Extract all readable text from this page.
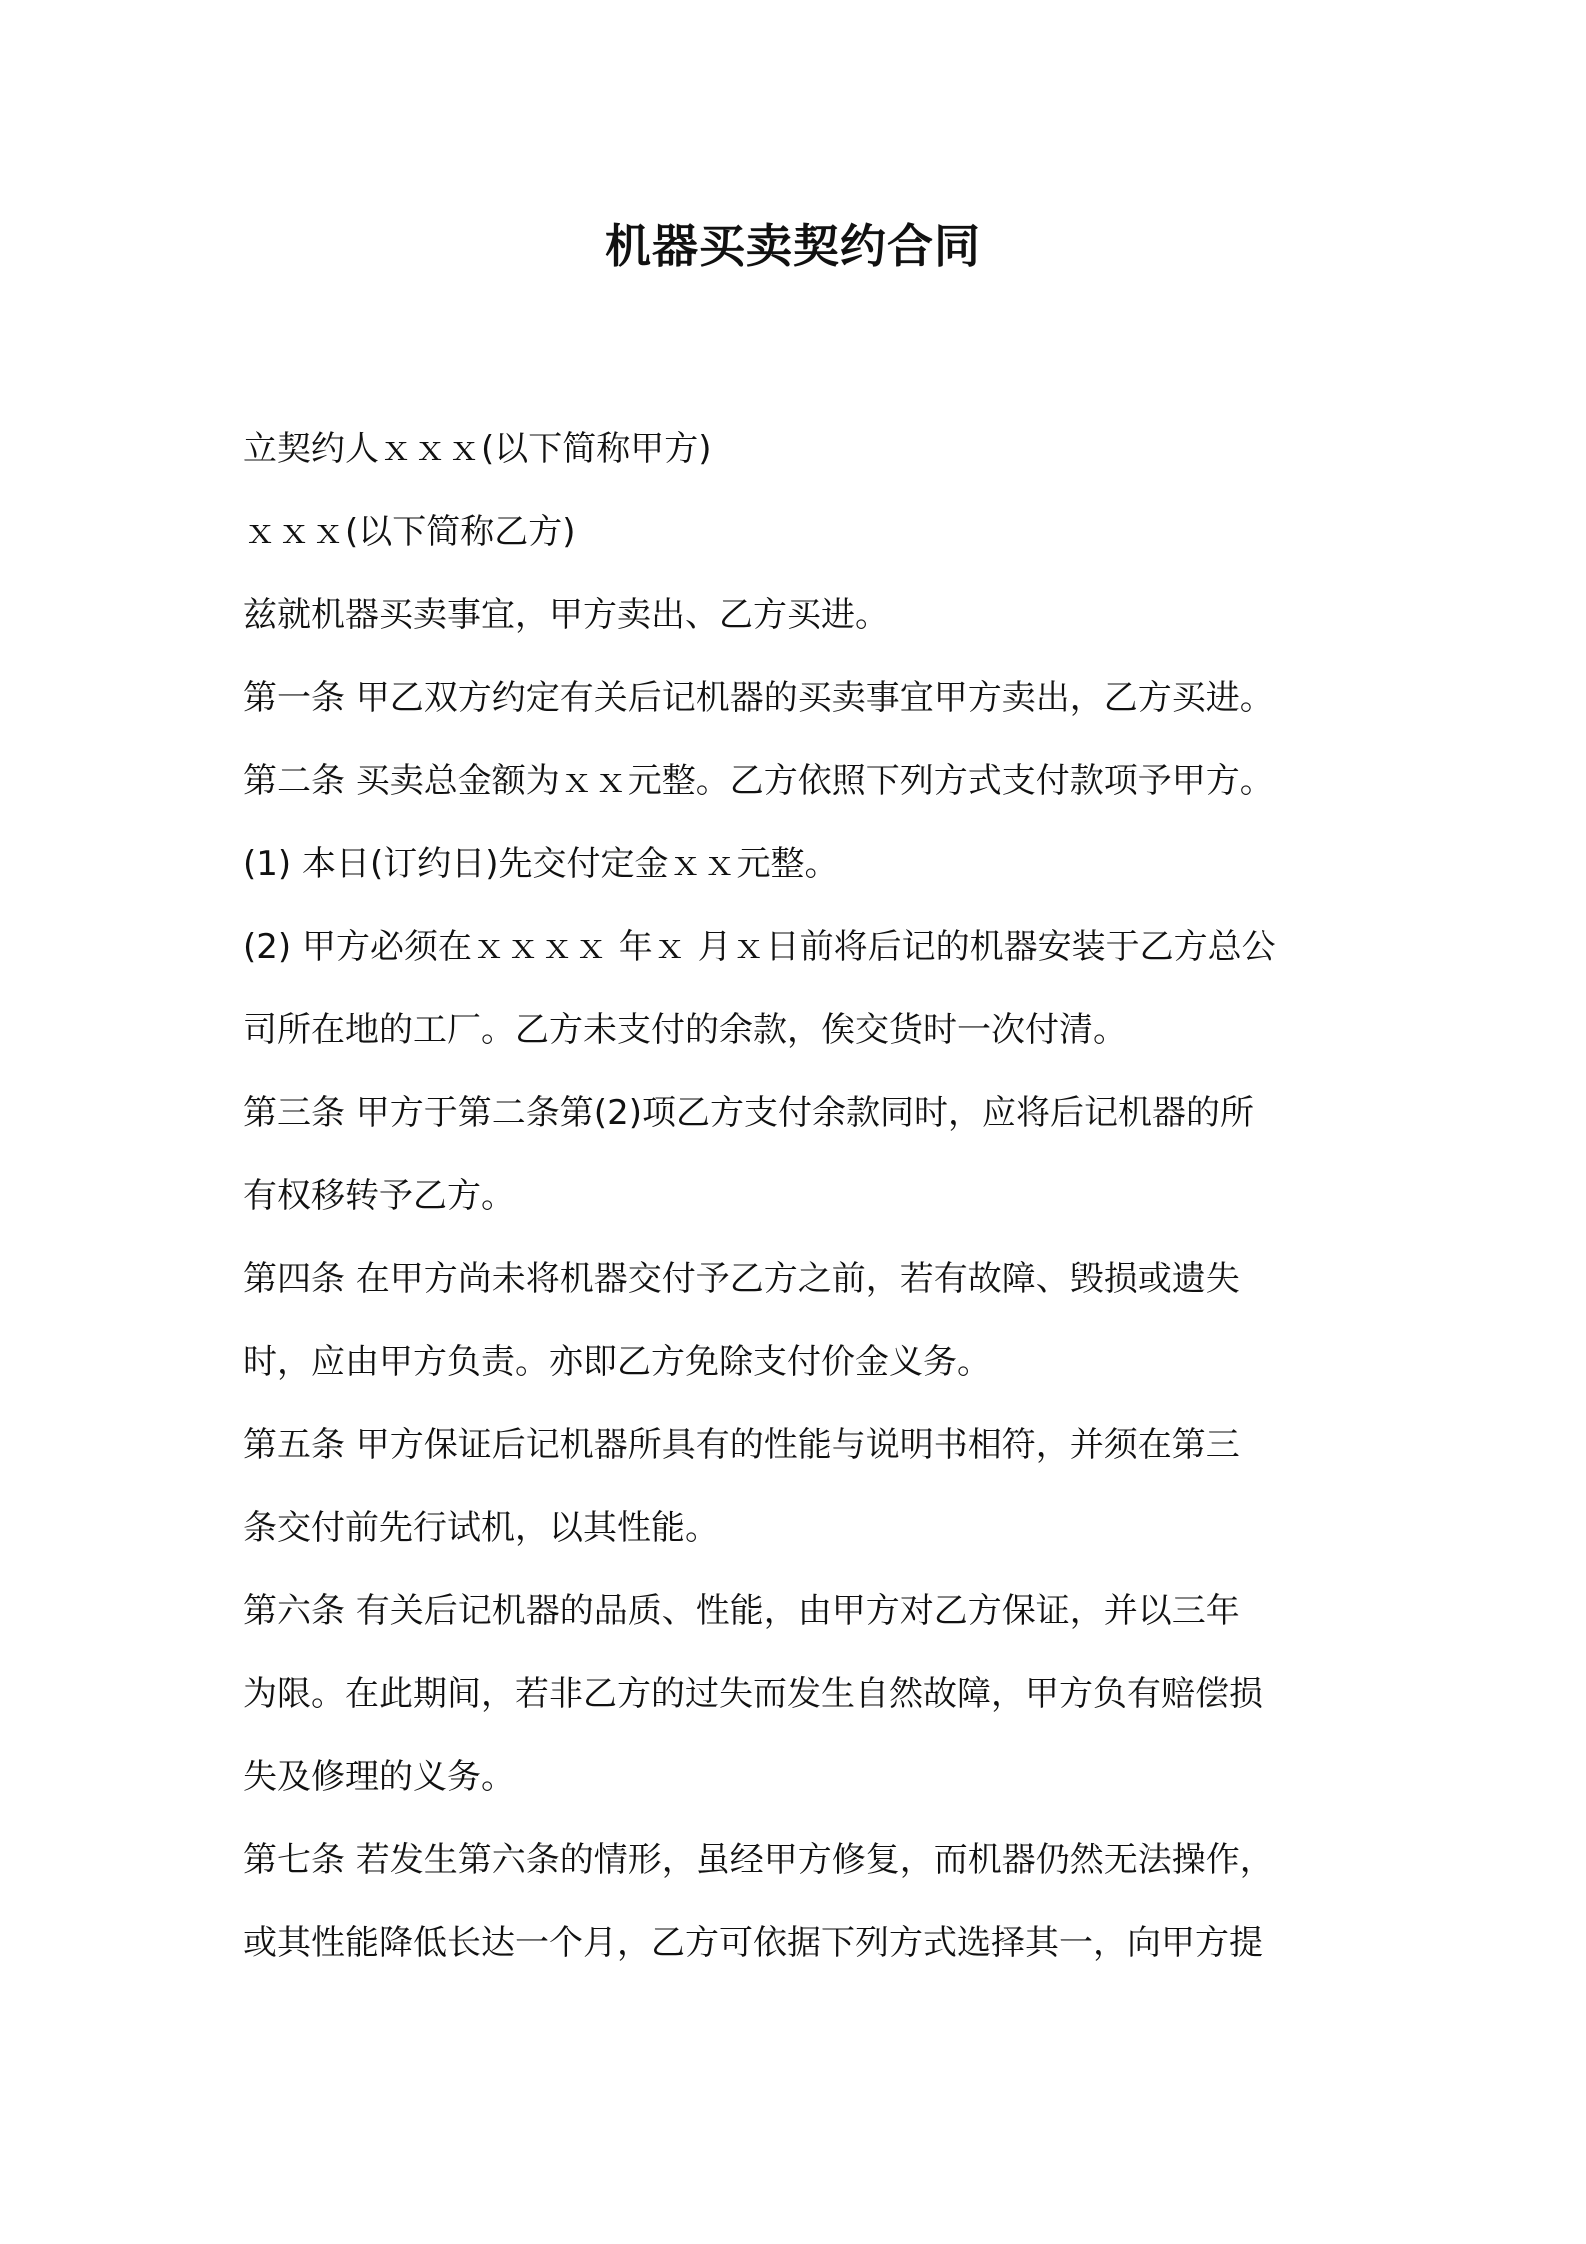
机器买卖契约合同
立契约人ｘｘｘ(以下简称甲方)
ｘｘｘ(以下简称乙方)
兹就机器买卖事宜，甲方卖出、乙方买进。
第一条 甲乙双方约定有关后记机器的买卖事宜甲方卖出，乙方买进。
第二条 买卖总金额为ｘｘ元整。乙方依照下列方式支付款项予甲方。
(1) 本日(订约日)先交付定金ｘｘ元整。
(2) 甲方必须在ｘｘｘｘ 年ｘ 月ｘ日前将后记的机器安装于乙方总公
司所在地的工厂。乙方未支付的余款，俟交货时一次付清。
第三条 甲方于第二条第(2)项乙方支付余款同时，应将后记机器的所
有权移转予乙方。
第四条 在甲方尚未将机器交付予乙方之前，若有故障、毁损或遗失
时，应由甲方负责。亦即乙方免除支付价金义务。
第五条 甲方保证后记机器所具有的性能与说明书相符，并须在第三
条交付前先行试机，以其性能。
第六条 有关后记机器的品质、性能，由甲方对乙方保证，并以三年
为限。在此期间，若非乙方的过失而发生自然故障，甲方负有赔偿损
失及修理的义务。
第七条 若发生第六条的情形，虽经甲方修复，而机器仍然无法操作，
或其性能降低长达一个月，乙方可依据下列方式选择其一，向甲方提
